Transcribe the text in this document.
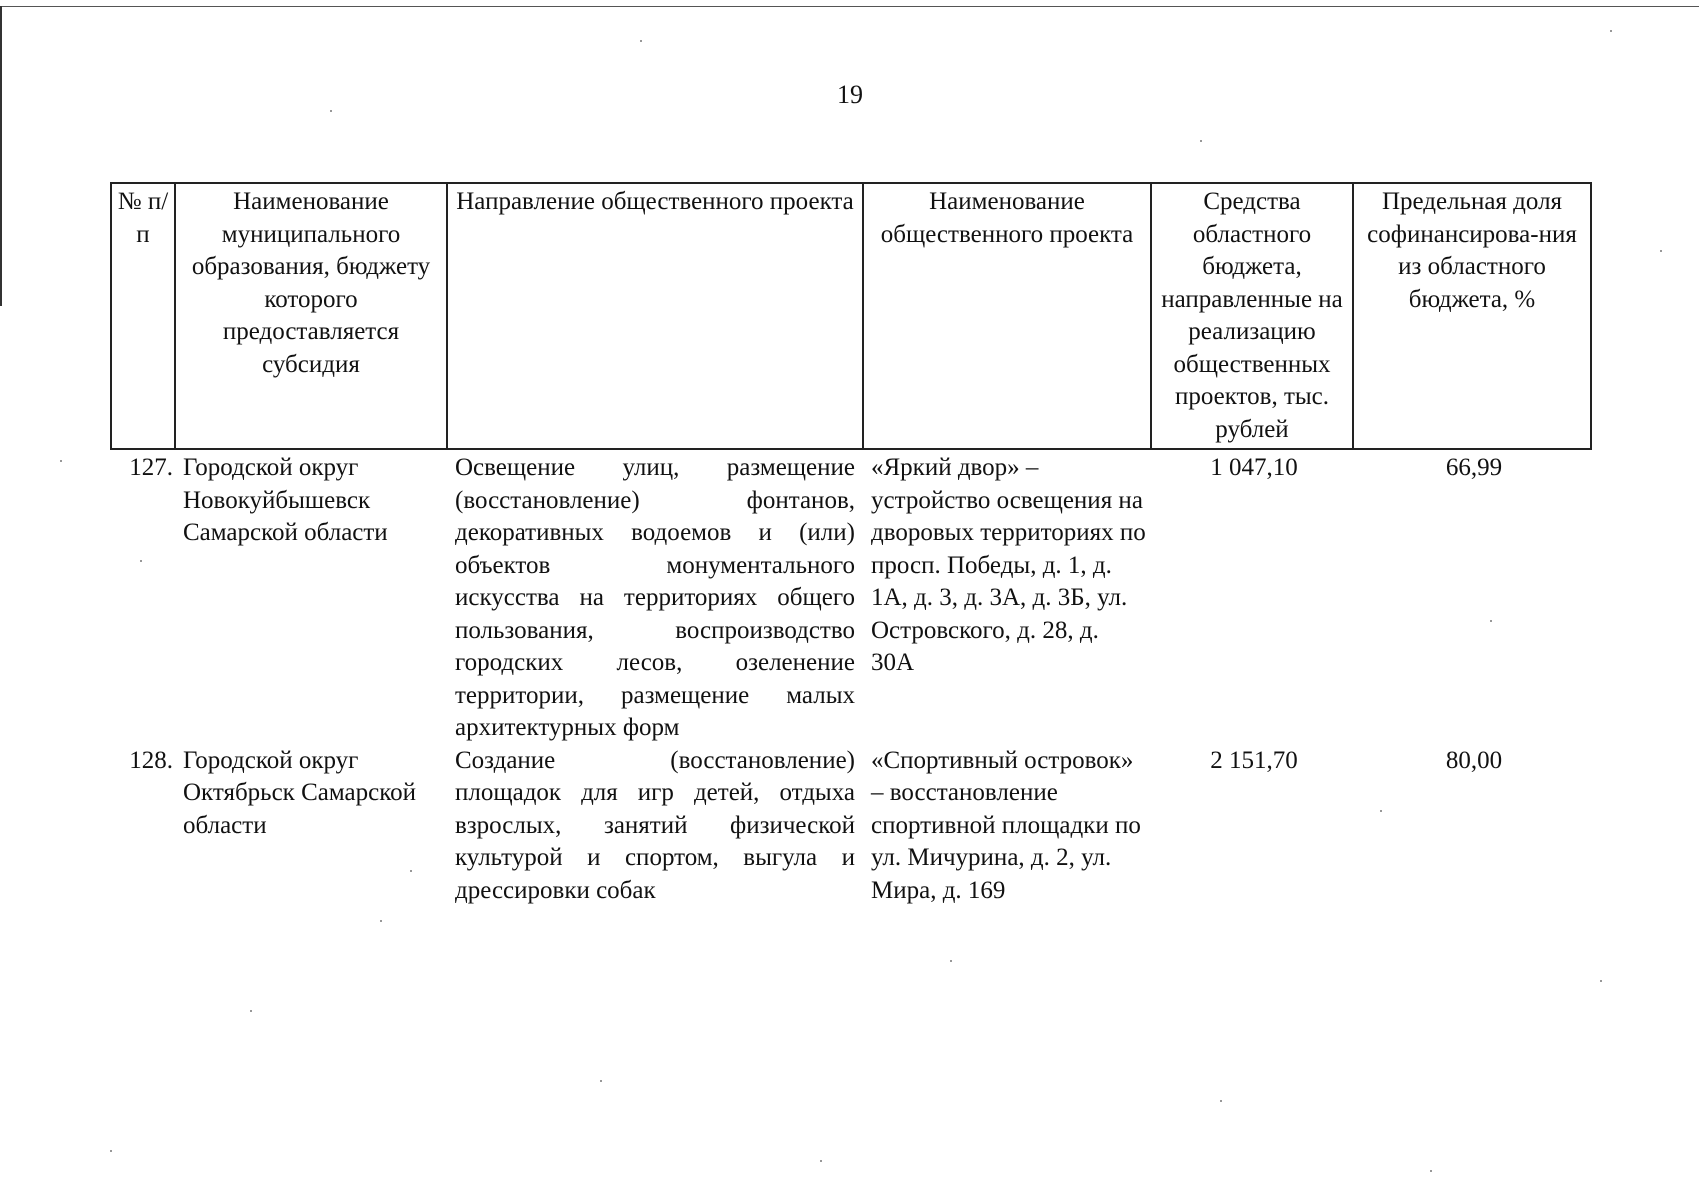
19
№ п/п	Наименование муниципального образования, бюджету которого предоставляется субсидия	Направление общественного проекта	Наименование общественного проекта	Средства областного бюджета, направленные на реализацию общественных проектов, тыс. рублей	Предельная доля софинансирова-ния из областного бюджета, %
127.	Городской округ Новокуйбышевск Самарской области	Освещение улиц, размещение (восстановление) фонтанов, декоративных водоемов и (или) объектов монументального искусства на территориях общего пользования, воспроизводство городских лесов, озеленение территории, размещение малых архитектурных форм	«Яркий двор» – устройство освещения на дворовых территориях по просп. Победы, д. 1, д. 1А, д. 3, д. 3А, д. 3Б, ул. Островского, д. 28, д. 30А	1 047,10	66,99
128.	Городской округ Октябрьск Самарской области	Создание (восстановление) площадок для игр детей, отдыха взрослых, занятий физической культурой и спортом, выгула и дрессировки собак	«Спортивный островок» – восстановление спортивной площадки по ул. Мичурина, д. 2, ул. Мира, д. 169	2 151,70	80,00
